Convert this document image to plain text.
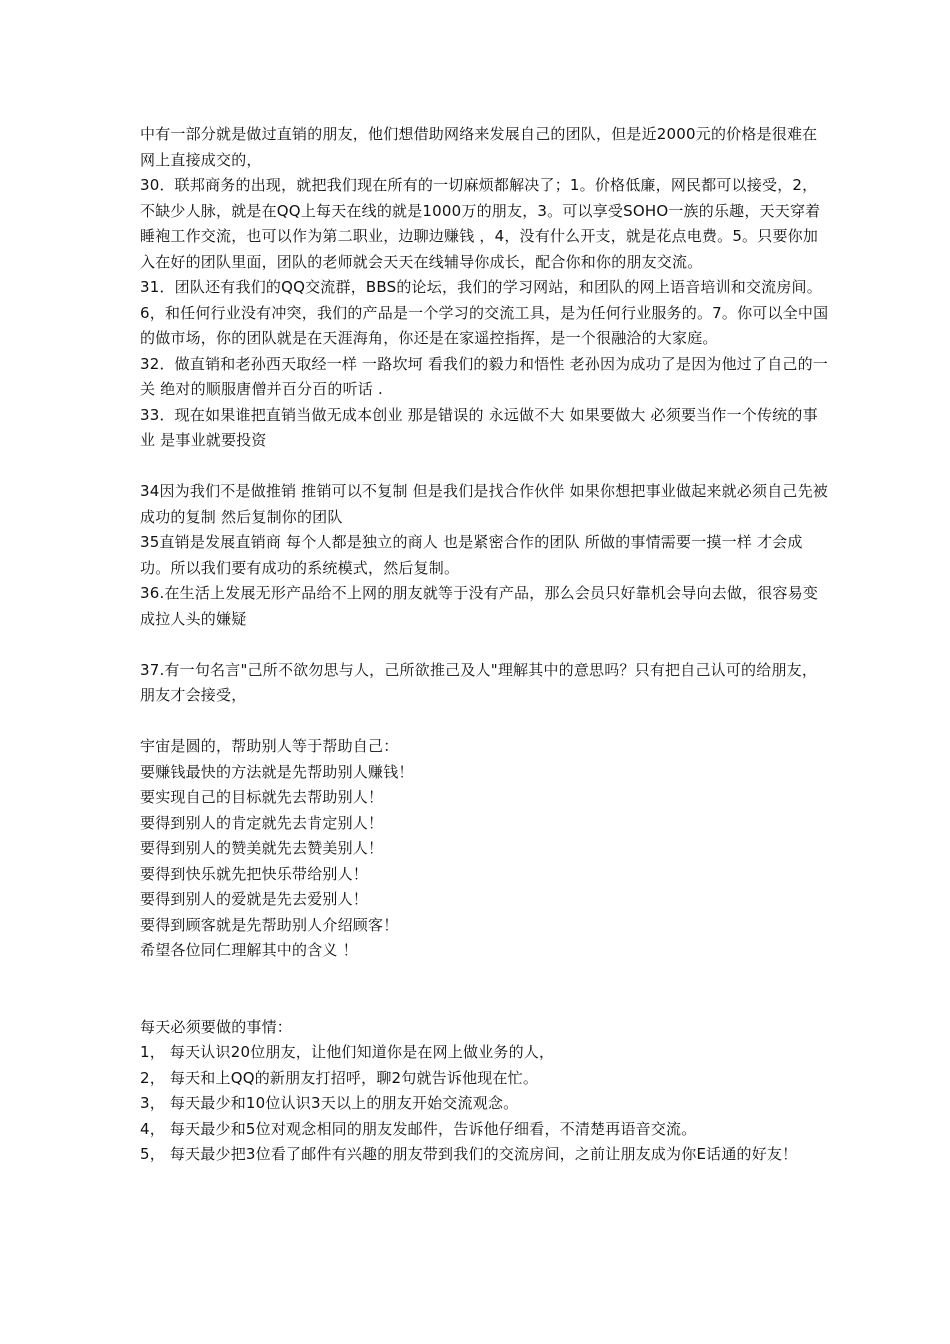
中有一部分就是做过直销的朋友，他们想借助网络来发展自己的团队，但是近2000元的价格是很难在网上直接成交的，

30．联邦商务的出现，就把我们现在所有的一切麻烦都解决了；1。价格低廉，网民都可以接受，2，不缺少人脉，就是在QQ上每天在线的就是1000万的朋友，3。可以享受SOHO一族的乐趣，天天穿着睡袍工作交流，也可以作为第二职业，边聊边赚钱 ，4，没有什么开支，就是花点电费。5。只要你加入在好的团队里面，团队的老师就会天天在线辅导你成长，配合你和你的朋友交流。

31．团队还有我们的QQ交流群，BBS的论坛，我们的学习网站，和团队的网上语音培训和交流房间。6，和任何行业没有冲突，我们的产品是一个学习的交流工具，是为任何行业服务的。7。你可以全中国的做市场，你的团队就是在天涯海角，你还是在家遥控指挥，是一个很融洽的大家庭。

32．做直销和老孙西天取经一样 一路坎坷 看我们的毅力和悟性 老孙因为成功了是因为他过了自己的一关 绝对的顺服唐僧并百分百的听话 .

33．现在如果谁把直销当做无成本创业 那是错误的 永远做不大 如果要做大 必须要当作一个传统的事业 是事业就要投资

34因为我们不是做推销 推销可以不复制 但是我们是找合作伙伴 如果你想把事业做起来就必须自己先被成功的复制 然后复制你的团队

35直销是发展直销商 每个人都是独立的商人 也是紧密合作的团队 所做的事情需要一摸一样 才会成功。所以我们要有成功的系统模式，然后复制。

36.在生活上发展无形产品给不上网的朋友就等于没有产品，那么会员只好靠机会导向去做，很容易变成拉人头的嫌疑

37.有一句名言"己所不欲勿思与人，己所欲推己及人"理解其中的意思吗？只有把自己认可的给朋友，朋友才会接受，

宇宙是圆的，帮助别人等于帮助自己：

要赚钱最快的方法就是先帮助别人赚钱！

要实现自己的目标就先去帮助别人！

要得到别人的肯定就先去肯定别人！

要得到别人的赞美就先去赞美别人！

要得到快乐就先把快乐带给别人！

要得到别人的爱就是先去爱别人！

要得到顾客就是先帮助别人介绍顾客！

希望各位同仁理解其中的含义 ！

每天必须要做的事情：

1， 每天认识20位朋友，让他们知道你是在网上做业务的人，

2， 每天和上QQ的新朋友打招呼，聊2句就告诉他现在忙。

3， 每天最少和10位认识3天以上的朋友开始交流观念。

4， 每天最少和5位对观念相同的朋友发邮件，告诉他仔细看，不清楚再语音交流。

5， 每天最少把3位看了邮件有兴趣的朋友带到我们的交流房间，之前让朋友成为你E话通的好友！
